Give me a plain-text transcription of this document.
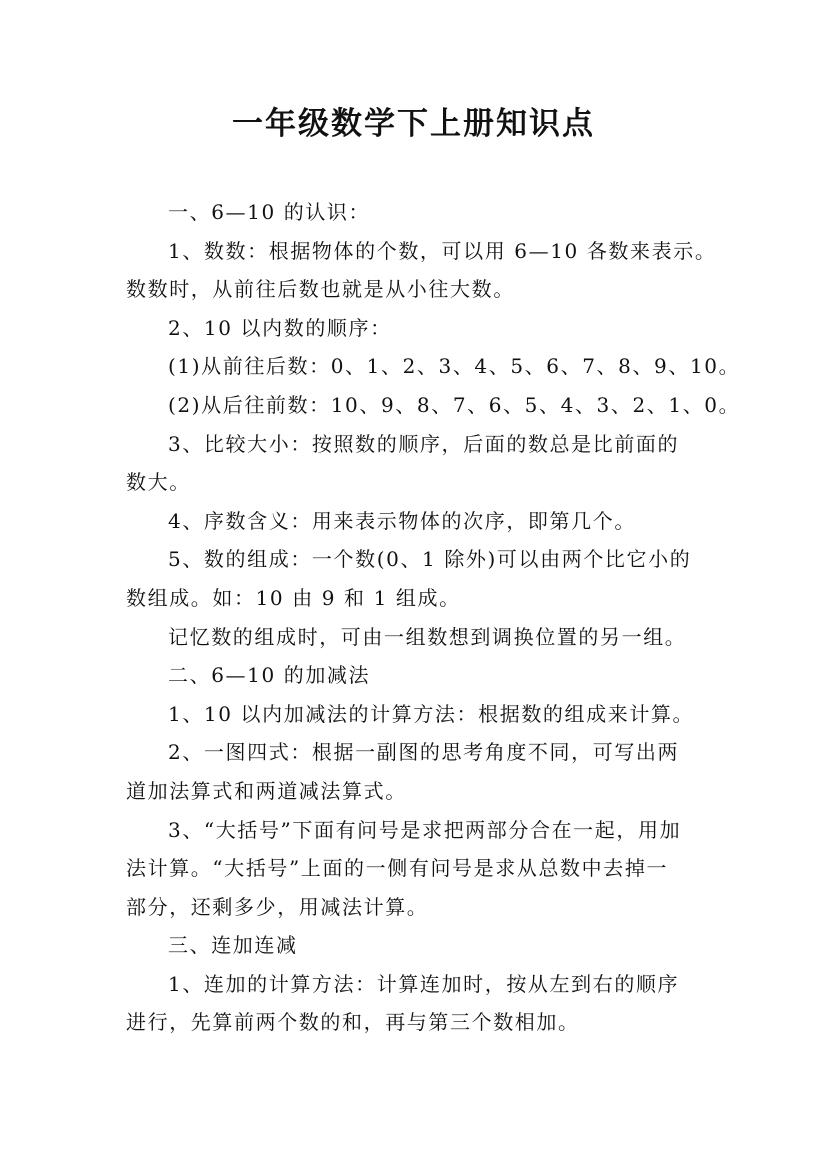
一年级数学下上册知识点

一、6—10 的认识：

1、数数：根据物体的个数，可以用 6—10 各数来表示。
数数时，从前往后数也就是从小往大数。

2、10 以内数的顺序：

(1)从前往后数：0、1、2、3、4、5、6、7、8、9、10。

(2)从后往前数：10、9、8、7、6、5、4、3、2、1、0。

3、比较大小：按照数的顺序，后面的数总是比前面的
数大。

4、序数含义：用来表示物体的次序，即第几个。

5、数的组成：一个数(0、1 除外)可以由两个比它小的
数组成。如：10 由 9 和 1 组成。

记忆数的组成时，可由一组数想到调换位置的另一组。

二、6—10 的加减法

1、10 以内加减法的计算方法：根据数的组成来计算。

2、一图四式：根据一副图的思考角度不同，可写出两
道加法算式和两道减法算式。

3、“大括号”下面有问号是求把两部分合在一起，用加
法计算。“大括号”上面的一侧有问号是求从总数中去掉一
部分，还剩多少，用减法计算。

三、连加连减

1、连加的计算方法：计算连加时，按从左到右的顺序
进行，先算前两个数的和，再与第三个数相加。
